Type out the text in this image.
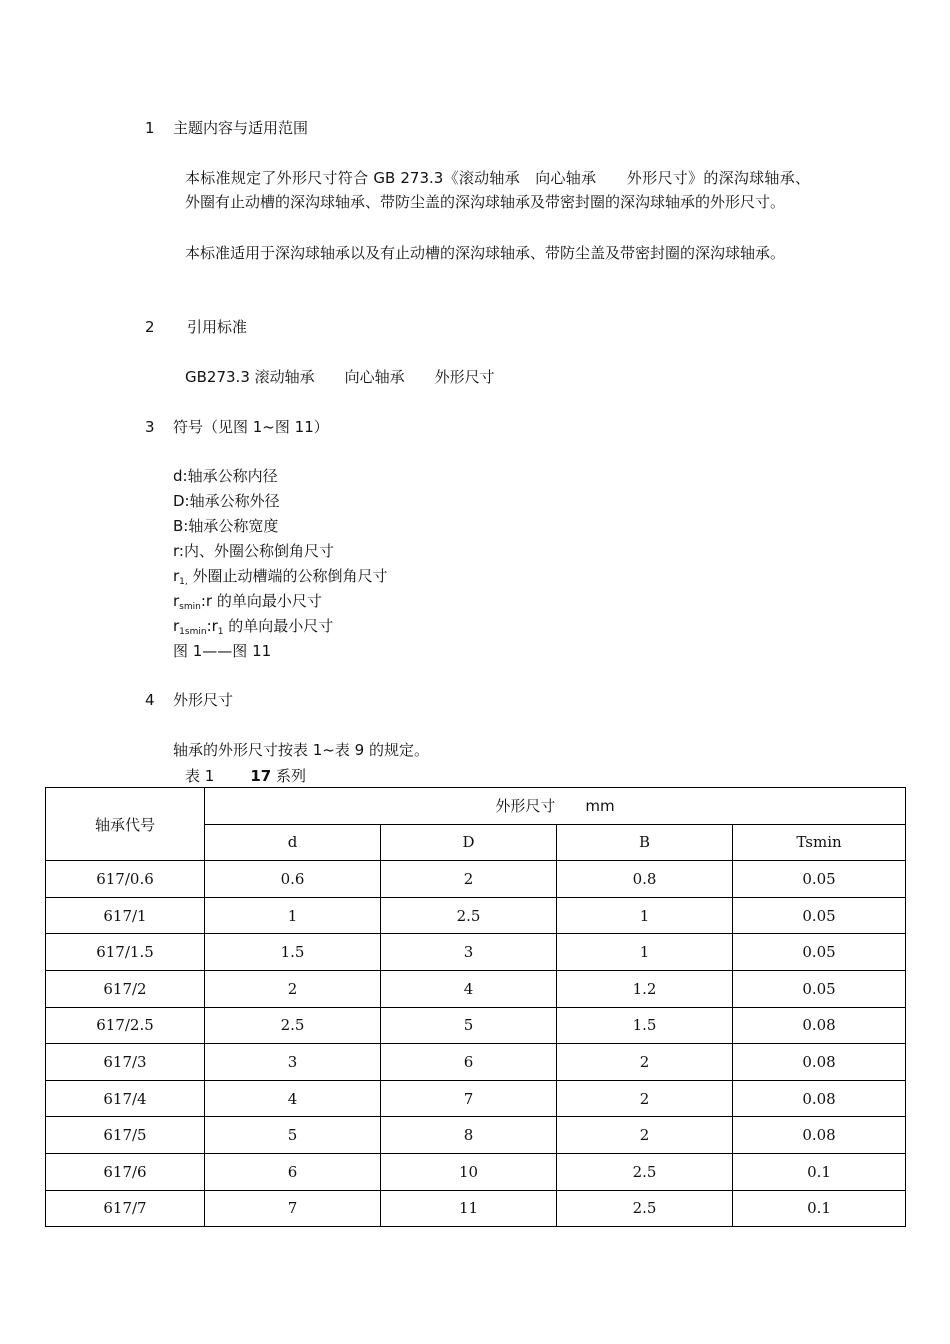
1 主题内容与适用范围
本标准规定了外形尺寸符合 GB 273.3《滚动轴承　向心轴承　　外形尺寸》的深沟球轴承、外圈有止动槽的深沟球轴承、带防尘盖的深沟球轴承及带密封圈的深沟球轴承的外形尺寸。
本标准适用于深沟球轴承以及有止动槽的深沟球轴承、带防尘盖及带密封圈的深沟球轴承。
2 引用标准
GB273.3 滚动轴承　　向心轴承　　外形尺寸
3 符号（见图 1~图 11）
d:轴承公称内径
D:轴承公称外径
B:轴承公称宽度
r:内、外圈公称倒角尺寸
$r_{1,}$ 外圈止动槽端的公称倒角尺寸
$r_{smin}:r$ 的单向最小尺寸
$r_{1smin}:r_1$ 的单向最小尺寸
图 1——图 11
4 外形尺寸
轴承的外形尺寸按表 1~表 9 的规定。
表 1 17 系列
轴承代号	外形尺寸　　mm			
	d	D	B	Tsmin
617/0.6	0.6	2	0.8	0.05
617/1	1	2.5	1	0.05
617/1.5	1.5	3	1	0.05
617/2	2	4	1.2	0.05
617/2.5	2.5	5	1.5	0.08
617/3	3	6	2	0.08
617/4	4	7	2	0.08
617/5	5	8	2	0.08
617/6	6	10	2.5	0.1
617/7	7	11	2.5	0.1
